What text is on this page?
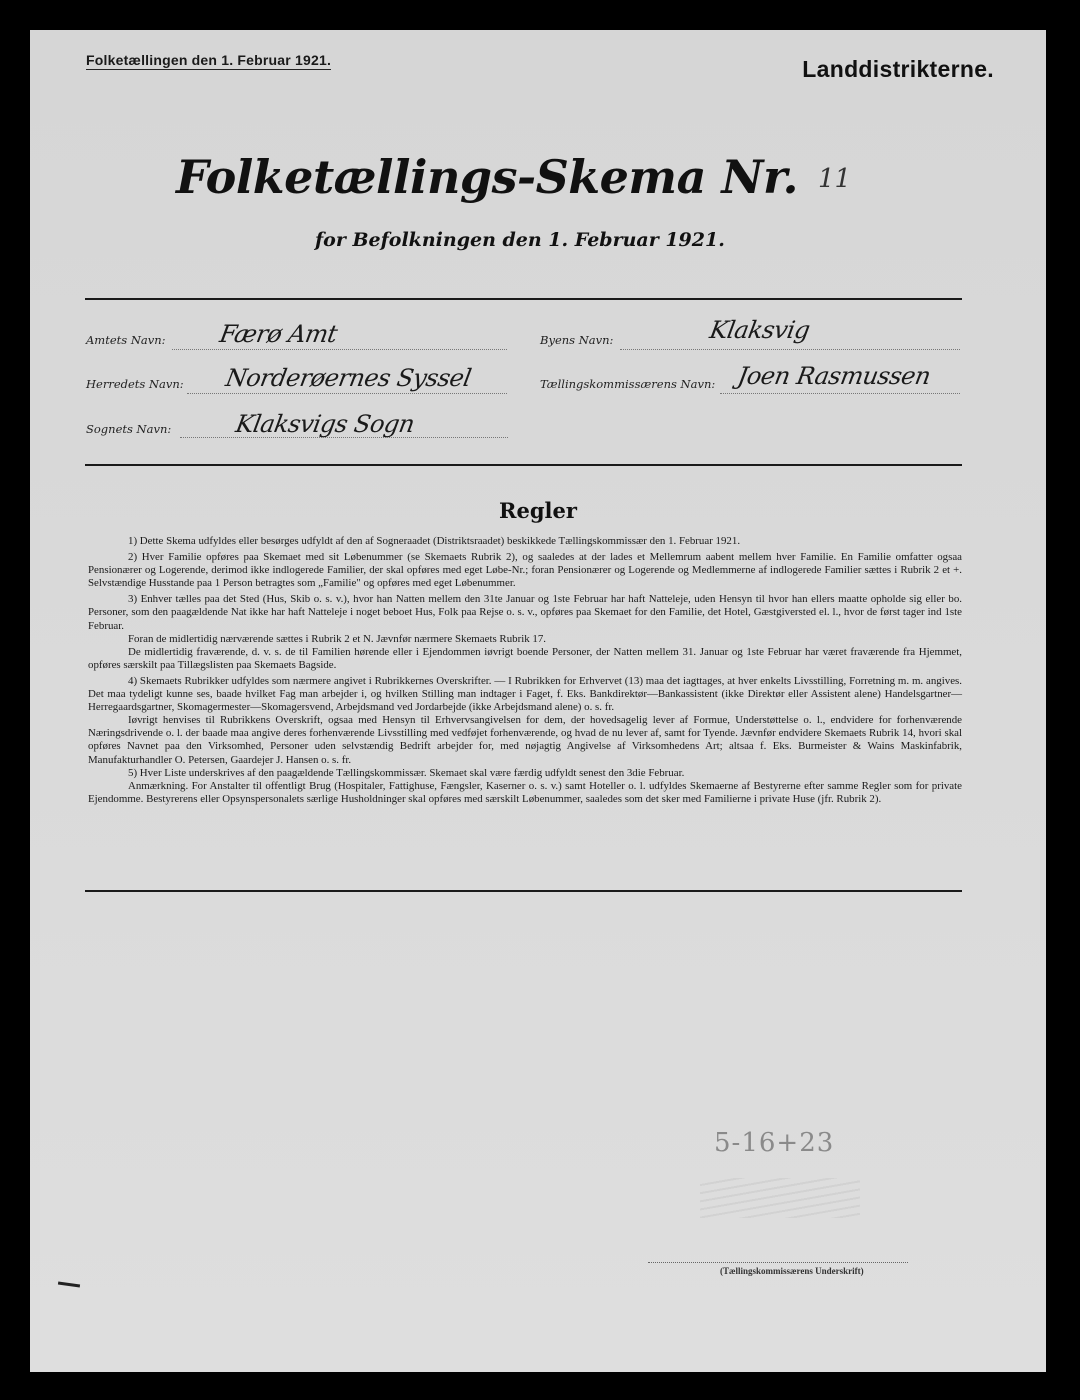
Folketællingen den 1. Februar 1921.	Landdistrikterne.
Folketællings-Skema Nr. 11
for Befolkningen den 1. Februar 1921.
Amtets Navn: Færø Amt	Byens Navn:	Klaksvig
Herredets Navn: Norderøernes Syssel	Tællingskommissærens Navn: Joen Rasmussen
Sognets Navn:	Klaksvigs Sogn
Regler

1) Dette Skema udfyldes eller besørges udfyldt af den af Sogneraadet (Distriktsraadet) beskikkede Tællingskommissær den 1. Februar 1921.

2) Hver Familie opføres paa Skemaet med sit Løbenummer (se Skemaets Rubrik 2), og saaledes at der lades et Mellemrum aabent mellem hver Familie. En Familie omfatter ogsaa Pensionærer og Logerende, derimod ikke indlogerede Familier, der skal opføres med eget Løbe-Nr.; foran Pensionærer og Logerende og Medlemmerne af indlogerede Familier sættes i Rubrik 2 et +. Selvstændige Husstande paa 1 Person betragtes som „Familie" og opføres med eget Løbenummer.

3) Enhver tælles paa det Sted (Hus, Skib o. s. v.), hvor han Natten mellem den 31te Januar og 1ste Februar har haft Natteleje, uden Hensyn til hvor han ellers maatte opholde sig eller bo. Personer, som den paagældende Nat ikke har haft Natteleje i noget beboet Hus, Folk paa Rejse o. s. v., opføres paa Skemaet for den Familie, det Hotel, Gæstgiversted el. l., hvor de først tager ind 1ste Februar.

Foran de midlertidig nærværende sættes i Rubrik 2 et N. Jævnfør nærmere Skemaets Rubrik 17.

De midlertidig fraværende, d. v. s. de til Familien hørende eller i Ejendommen iøvrigt boende Personer, der Natten mellem 31. Januar og 1ste Februar har været fraværende fra Hjemmet, opføres særskilt paa Tillægslisten paa Skemaets Bagside.

4) Skemaets Rubrikker udfyldes som nærmere angivet i Rubrikkernes Overskrifter. — I Rubrikken for Erhvervet (13) maa det iagttages, at hver enkelts Livsstilling, Forretning m. m. angives. Det maa tydeligt kunne ses, baade hvilket Fag man arbejder i, og hvilken Stilling man indtager i Faget, f. Eks. Bankdirektør—Bankassistent (ikke Direktør eller Assistent alene) Handelsgartner—Herregaardsgartner, Skomagermester—Skomagersvend, Arbejdsmand ved Jordarbejde (ikke Arbejdsmand alene) o. s. fr.

Iøvrigt henvises til Rubrikkens Overskrift, ogsaa med Hensyn til Erhvervsangivelsen for dem, der hovedsagelig lever af Formue, Understøttelse o. l., endvidere for forhenværende Næringsdrivende o. l. der baade maa angive deres forhenværende Livsstilling med vedføjet forhenværende, og hvad de nu lever af, samt for Tyende. Jævnfør endvidere Skemaets Rubrik 14, hvori skal opføres Navnet paa den Virksomhed, Personer uden selvstændig Bedrift arbejder for, med nøjagtig Angivelse af Virksomhedens Art; altsaa f. Eks. Burmeister & Wains Maskinfabrik, Manufakturhandler O. Petersen, Gaardejer J. Hansen o. s. fr.

5) Hver Liste underskrives af den paagældende Tællingskommissær. Skemaet skal være færdig udfyldt senest den 3die Februar.

Anmærkning. For Anstalter til offentligt Brug (Hospitaler, Fattighuse, Fængsler, Kaserner o. s. v.) samt Hoteller o. l. udfyldes Skemaerne af Bestyrerne efter samme Regler som for private Ejendomme. Bestyrerens eller Opsynspersonalets særlige Husholdninger skal opføres med særskilt Løbenummer, saaledes som det sker med Familierne i private Huse (jfr. Rubrik 2).

5-16+23
(Tællingskommissærens Underskrift)
